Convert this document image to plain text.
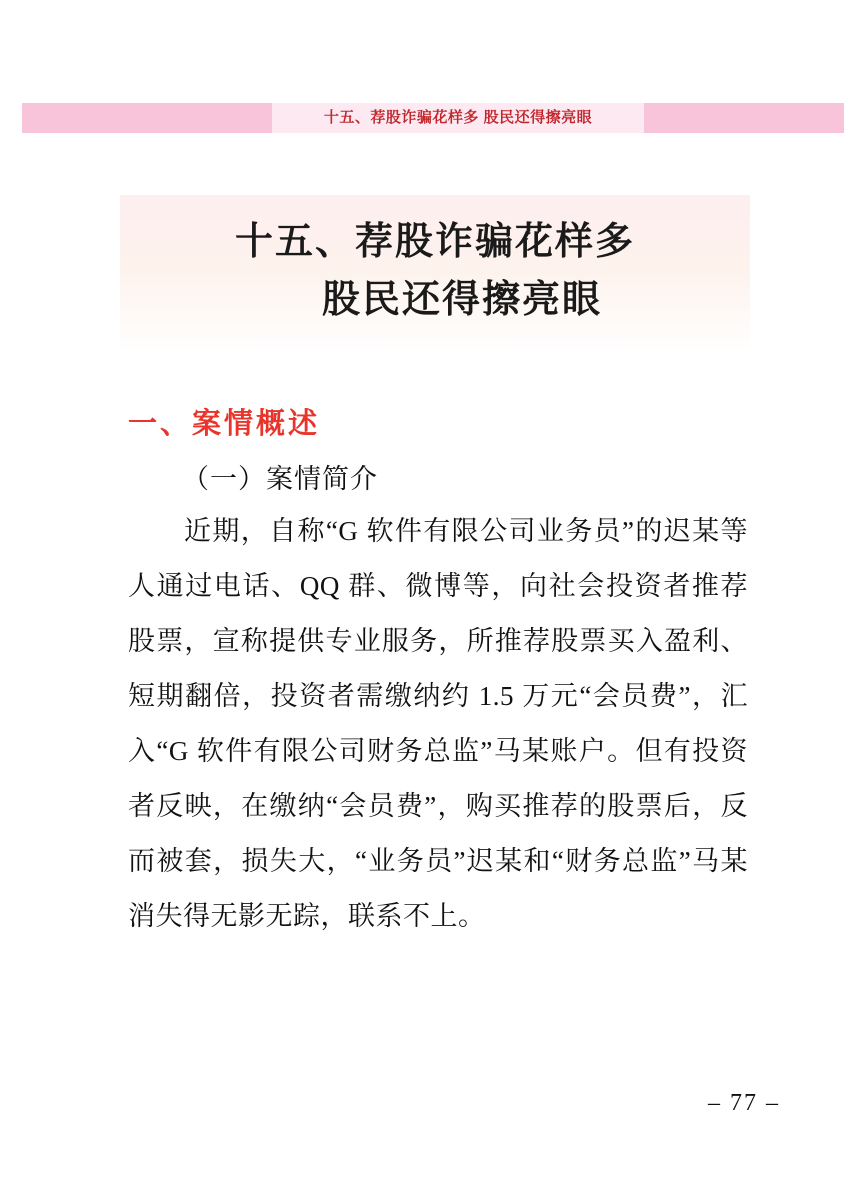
十五、荐股诈骗花样多 股民还得擦亮眼
十五、荐股诈骗花样多
股民还得擦亮眼
一、案情概述
（一）案情简介
近期，自称“G 软件有限公司业务员”的迟某等人通过电话、QQ 群、微博等，向社会投资者推荐股票，宣称提供专业服务，所推荐股票买入盈利、短期翻倍，投资者需缴纳约 1.5 万元“会员费”，汇入“G 软件有限公司财务总监”马某账户。但有投资者反映，在缴纳“会员费”，购买推荐的股票后，反而被套，损失大，“业务员”迟某和“财务总监”马某消失得无影无踪，联系不上。
– 77 –
